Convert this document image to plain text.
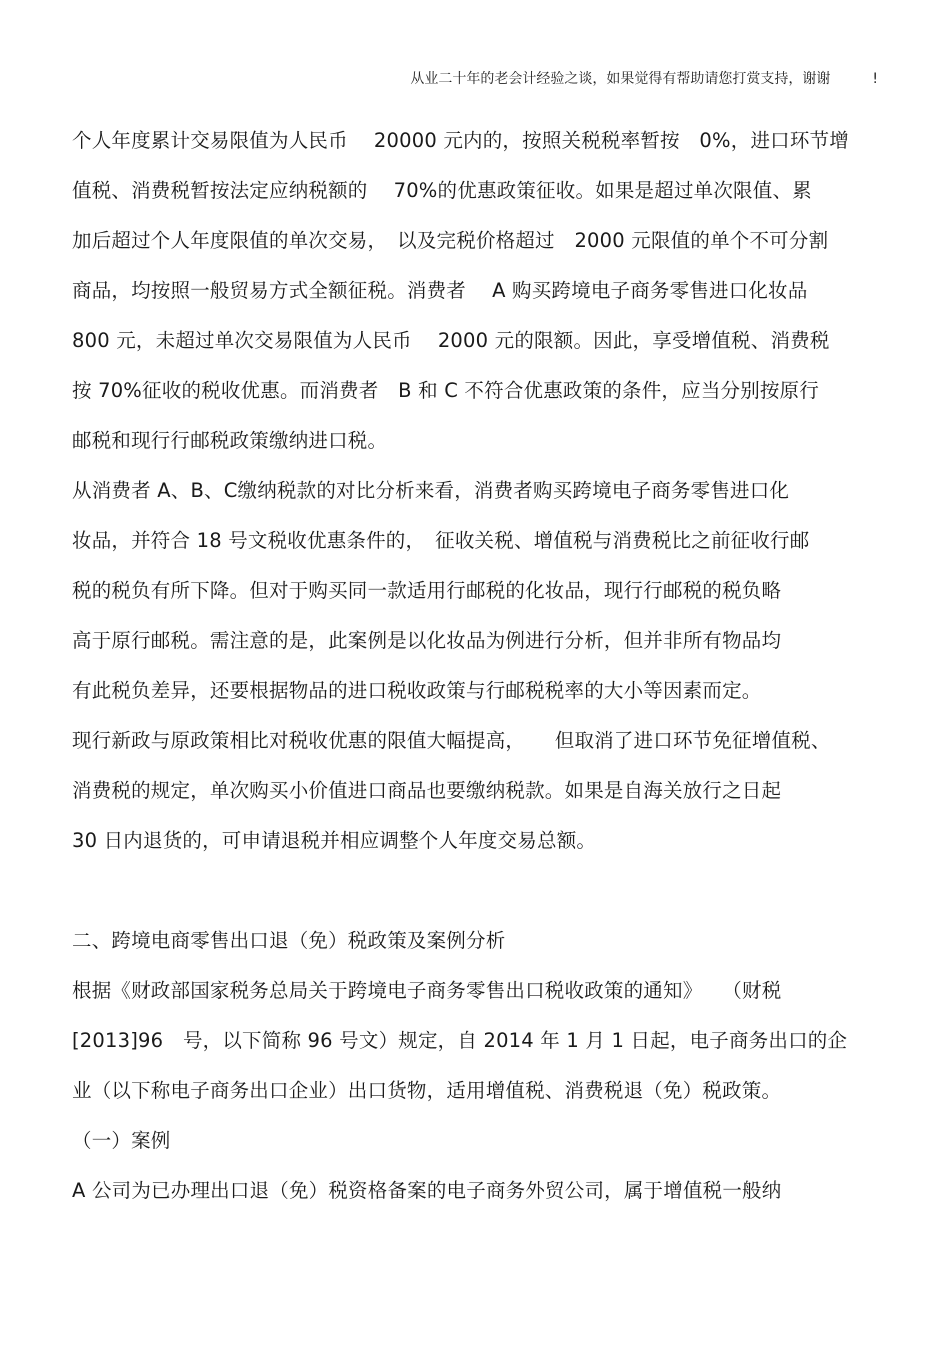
从业二十年的老会计经验之谈，如果觉得有帮助请您打赏支持，谢谢　　　!
个人年度累计交易限值为人民币　 20000 元内的，按照关税税率暂按　0%，进口环节增
值税、消费税暂按法定应纳税额的　 70%的优惠政策征收。如果是超过单次限值、累
加后超过个人年度限值的单次交易，　以及完税价格超过　2000 元限值的单个不可分割
商品，均按照一般贸易方式全额征税。消费者　 A 购买跨境电子商务零售进口化妆品
800 元，未超过单次交易限值为人民币　 2000 元的限额。因此，享受增值税、消费税
按 70%征收的税收优惠。而消费者　B 和 C 不符合优惠政策的条件，应当分别按原行
邮税和现行行邮税政策缴纳进口税。
从消费者 A、B、C缴纳税款的对比分析来看，消费者购买跨境电子商务零售进口化
妆品，并符合 18 号文税收优惠条件的，　征收关税、增值税与消费税比之前征收行邮
税的税负有所下降。但对于购买同一款适用行邮税的化妆品，现行行邮税的税负略
高于原行邮税。需注意的是，此案例是以化妆品为例进行分析，但并非所有物品均
有此税负差异，还要根据物品的进口税收政策与行邮税税率的大小等因素而定。
现行新政与原政策相比对税收优惠的限值大幅提高，　　但取消了进口环节免征增值税、
消费税的规定，单次购买小价值进口商品也要缴纳税款。如果是自海关放行之日起
30 日内退货的，可申请退税并相应调整个人年度交易总额。
二、跨境电商零售出口退（免）税政策及案例分析
根据《财政部国家税务总局关于跨境电子商务零售出口税收政策的通知》　　（财税
[2013]96　号，以下简称 96 号文）规定，自 2014 年 1 月 1 日起，电子商务出口的企
业（以下称电子商务出口企业）出口货物，适用增值税、消费税退（免）税政策。
（一）案例
A 公司为已办理出口退（免）税资格备案的电子商务外贸公司，属于增值税一般纳
